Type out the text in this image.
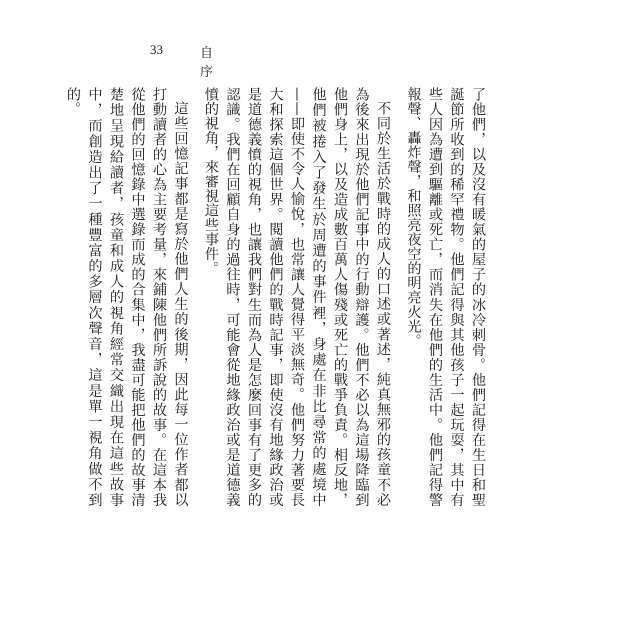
33	自序

了他們，以及沒有暖氣的屋子的冰冷刺骨。他們記得在生日和聖誕節所收到的稀罕禮物。他們記得與其他孩子一起玩耍，其中有些人因為遭到驅離或死亡，而消失在他們的生活中。他們記得警報聲、轟炸聲，和照亮夜空的明亮火光。

不同於生活於戰時的成人的口述或著述，純真無邪的孩童不必為後來出現於他們記事中的行動辯護。他們不必以為這場降臨到他們身上，以及造成數百萬人傷殘或死亡的戰爭負責。相反地，他們被捲入了發生於周遭的事件裡，身處在非比尋常的處境中——即使不令人愉悅，也常讓人覺得平淡無奇。他們努力著要長大和探索這個世界。閱讀他們的戰時記事，即使沒有地緣政治或是道德義憤的視角，也讓我們對生而為人是怎麼回事有了更多的認識。我們在回顧自身的過往時，可能會從地緣政治或是道德義憤的視角，來審視這些事件。

這些回憶記事都是寫於他們人生的後期，因此每一位作者都以打動讀者的心為主要考量，來鋪陳他們所訴說的故事。在這本我從他們的回憶錄中選錄而成的合集中，我盡可能把他們的故事清楚地呈現給讀者，孩童和成人的視角經常交織出現在這些故事中，而創造出了一種豐富的多層次聲音，這是單一視角做不到的。
